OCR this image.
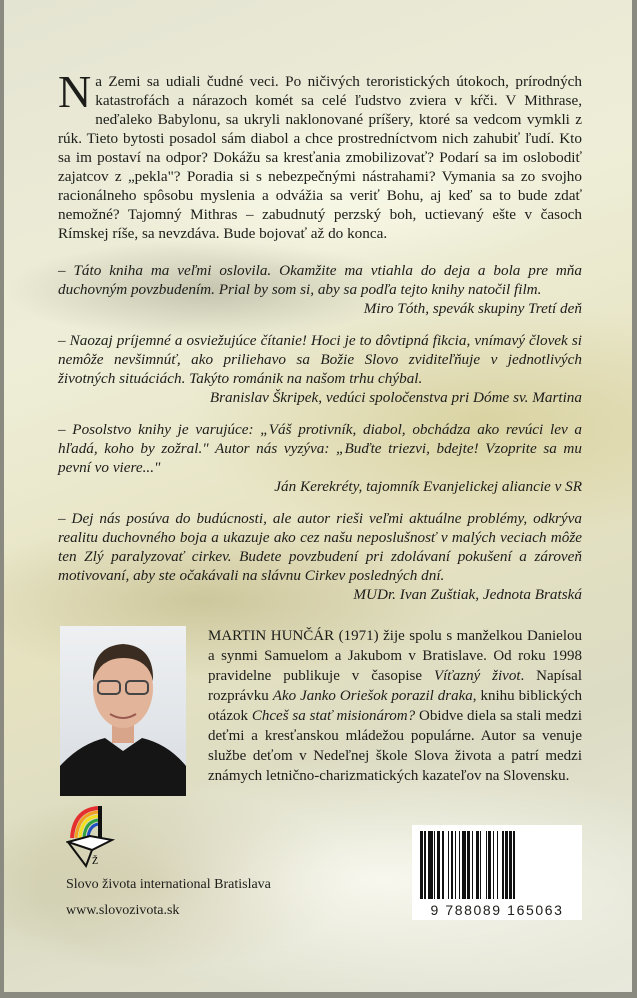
Na Zemi sa udiali čudné veci. Po ničivých teroristických útokoch, prírodných katastrofách a nárazoch komét sa celé ľudstvo zviera v kŕči. V Mithrase, neďaleko Babylonu, sa ukryli naklonované príšery, ktoré sa vedcom vymkli z rúk. Tieto bytosti posadol sám diabol a chce prostredníctvom nich zahubiť ľudí. Kto sa im postaví na odpor? Dokážu sa kresťania zmobilizovať? Podarí sa im oslobodiť zajatcov z „pekla"? Poradia si s nebezpečnými nástrahami? Vymania sa zo svojho racionálneho spôsobu myslenia a odvážia sa veriť Bohu, aj keď sa to bude zdať nemožné? Tajomný Mithras – zabudnutý perzský boh, uctievaný ešte v časoch Rímskej ríše, sa nevzdáva. Bude bojovať až do konca.
– Táto kniha ma veľmi oslovila. Okamžite ma vtiahla do deja a bola pre mňa duchovným povzbudením. Prial by som si, aby sa podľa tejto knihy natočil film.
Miro Tóth, spevák skupiny Tretí deň
– Naozaj príjemné a osviežujúce čítanie! Hoci je to dôvtipná fikcia, vnímavý človek si nemôže nevšimnúť, ako priliehavo sa Božie Slovo zviditeľňuje v jednotlivých životných situáciách. Takýto románik na našom trhu chýbal.
Branislav Škripek, vedúci spoločenstva pri Dóme sv. Martina
– Posolstvo knihy je varujúce: „Váš protivník, diabol, obchádza ako revúci lev a hľadá, koho by zožral." Autor nás vyzýva: „Buďte triezvi, bdejte! Vzoprite sa mu pevní vo viere..."
Ján Kerekréty, tajomník Evanjelickej aliancie v SR
– Dej nás posúva do budúcnosti, ale autor rieši veľmi aktuálne problémy, odkrýva realitu duchovného boja a ukazuje ako cez našu neposlušnosť v malých veciach môže ten Zlý paralyzovať cirkev. Budete povzbudení pri zdolávaní pokušení a zároveň motivovaní, aby ste očakávali na slávnu Cirkev posledných dní.
MUDr. Ivan Zuštiak, Jednota Bratská
MARTIN HUNČÁR (1971) žije spolu s manželkou Danielou a synmi Samuelom a Jakubom v Bratislave. Od roku 1998 pravidelne publikuje v časopise Víťazný život. Napísal rozprávku Ako Janko Oriešok porazil draka, knihu biblických otázok Chceš sa stať misionárom? Obidve diela sa stali medzi deťmi a kresťanskou mládežou populárne. Autor sa venuje službe deťom v Nedeľnej škole Slova života a patrí medzi známych letnično-charizmatických kazateľov na Slovensku.
Ž
Slovo života international Bratislava
www.slovozivota.sk	9 788089 165063
